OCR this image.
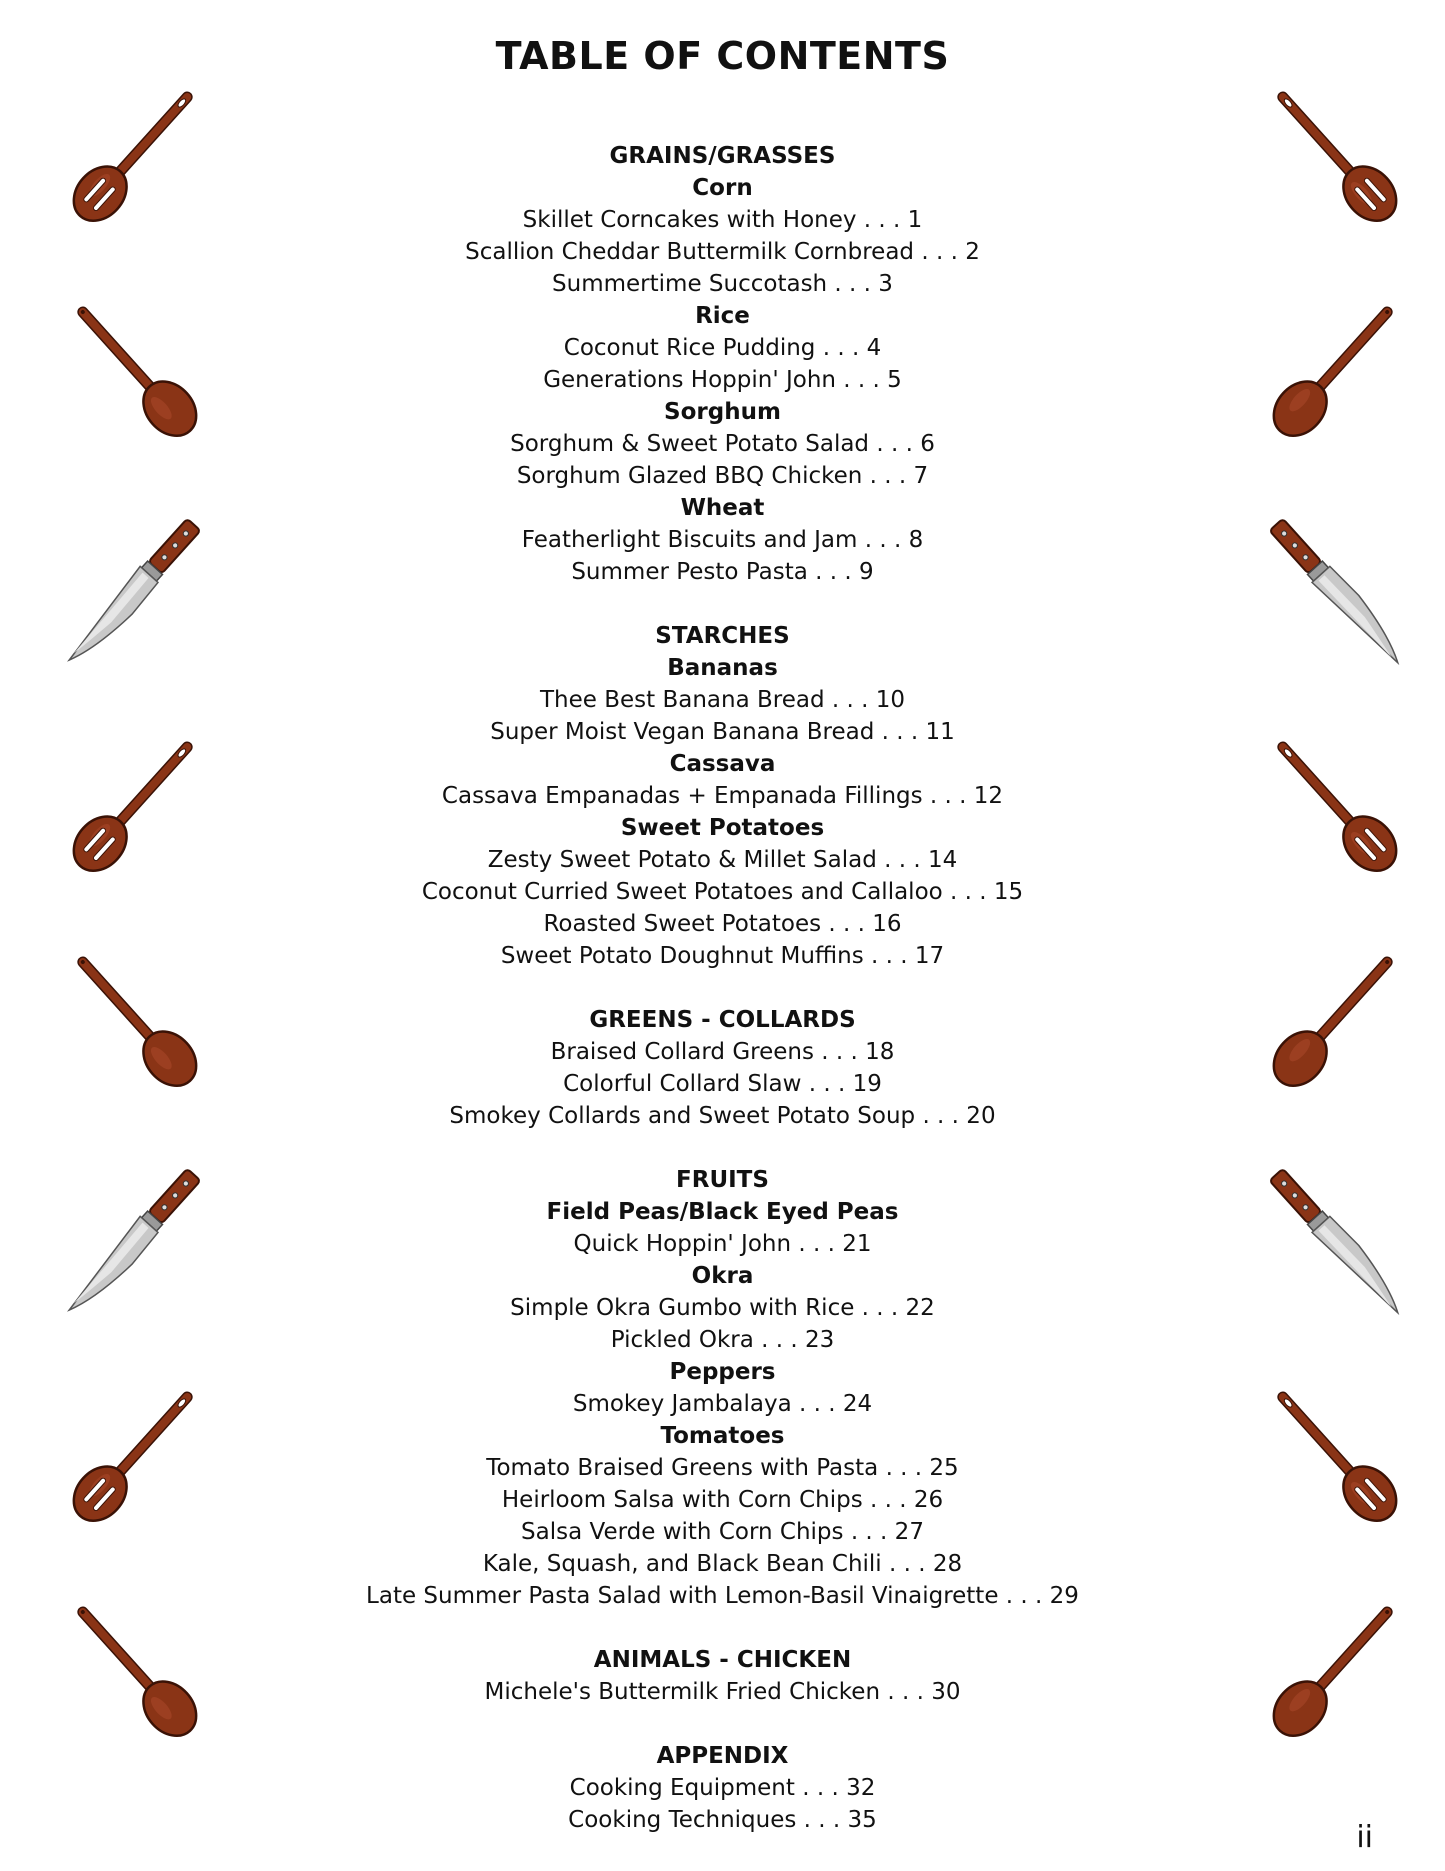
TABLE OF CONTENTS
GRAINS/GRASSES
Corn
Skillet Corncakes with Honey . . . 1
Scallion Cheddar Buttermilk Cornbread . . . 2
Summertime Succotash . . . 3
Rice
Coconut Rice Pudding . . . 4
Generations Hoppin' John . . . 5
Sorghum
Sorghum & Sweet Potato Salad . . . 6
Sorghum Glazed BBQ Chicken . . . 7
Wheat
Featherlight Biscuits and Jam . . . 8
Summer Pesto Pasta . . . 9
STARCHES
Bananas
Thee Best Banana Bread . . . 10
Super Moist Vegan Banana Bread . . . 11
Cassava
Cassava Empanadas + Empanada Fillings . . . 12
Sweet Potatoes
Zesty Sweet Potato & Millet Salad . . . 14
Coconut Curried Sweet Potatoes and Callaloo . . . 15
Roasted Sweet Potatoes . . . 16
Sweet Potato Doughnut Muffins . . . 17
GREENS - COLLARDS
Braised Collard Greens . . . 18
Colorful Collard Slaw . . . 19
Smokey Collards and Sweet Potato Soup . . . 20
FRUITS
Field Peas/Black Eyed Peas
Quick Hoppin' John . . . 21
Okra
Simple Okra Gumbo with Rice . . . 22
Pickled Okra . . . 23
Peppers
Smokey Jambalaya . . . 24
Tomatoes
Tomato Braised Greens with Pasta . . . 25
Heirloom Salsa with Corn Chips . . . 26
Salsa Verde with Corn Chips . . . 27
Kale, Squash, and Black Bean Chili . . . 28
Late Summer Pasta Salad with Lemon-Basil Vinaigrette . . . 29
ANIMALS - CHICKEN
Michele's Buttermilk Fried Chicken . . . 30
APPENDIX
Cooking Equipment . . . 32
Cooking Techniques . . . 35	ii
